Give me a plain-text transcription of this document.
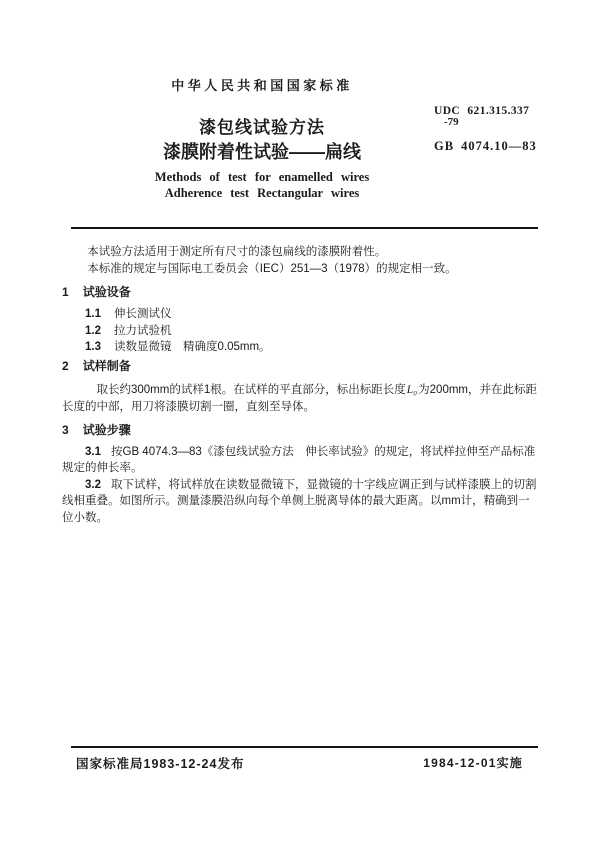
中华人民共和国国家标准
漆包线试验方法
漆膜附着性试验——扁线
Methods of test for enamelled wires
Adherence test Rectangular wires
UDC 621.315.337
-79
GB 4074.10—83

本试验方法适用于测定所有尺寸的漆包扁线的漆膜附着性。

本标准的规定与国际电工委员会（IEC）251—3（1978）的规定相一致。

1 试验设备
1.1 伸长测试仪
1.2 拉力试验机
1.3 读数显微镜　精确度0.05mm。
2 试样制备

取长约300mm的试样1根。在试样的平直部分，标出标距长度L₀为200mm，并在此标距长度的中部，用刀将漆膜切割一圈，直刻至导体。

3 试验步骤

3.1 按GB 4074.3—83《漆包线试验方法　伸长率试验》的规定，将试样拉伸至产品标准规定的伸长率。

3.2 取下试样，将试样放在读数显微镜下，显微镜的十字线应调正到与试样漆膜上的切割线相重叠。如图所示。测量漆膜沿纵向每个单侧上脱离导体的最大距离。以mm计，精确到一位小数。

国家标准局1983-12-24发布	1984-12-01实施
